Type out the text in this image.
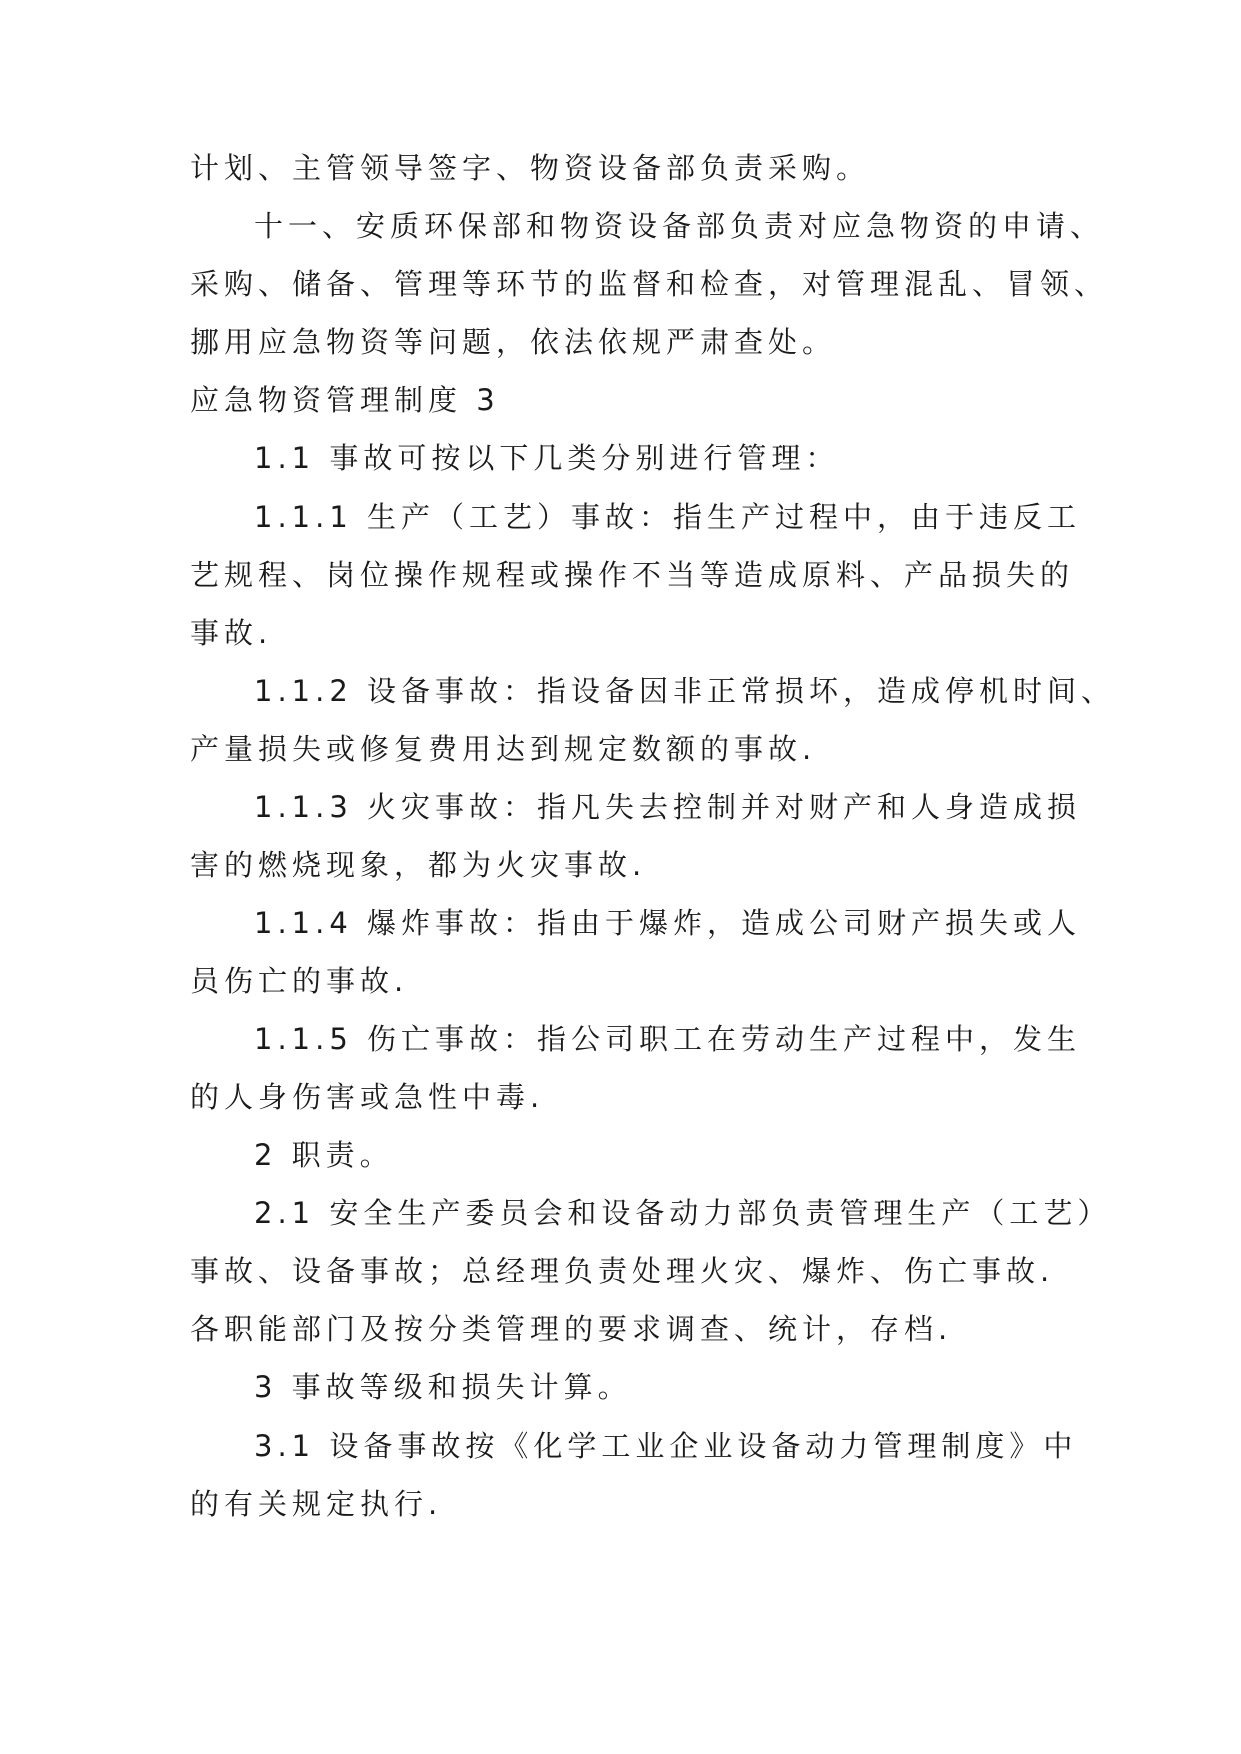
计划、主管领导签字、物资设备部负责采购。
十一、安质环保部和物资设备部负责对应急物资的申请、
采购、储备、管理等环节的监督和检查，对管理混乱、冒领、
挪用应急物资等问题，依法依规严肃查处。
应急物资管理制度 3
1.1 事故可按以下几类分别进行管理：
1.1.1 生产（工艺）事故：指生产过程中，由于违反工
艺规程、岗位操作规程或操作不当等造成原料、产品损失的
事故.
1.1.2 设备事故：指设备因非正常损坏，造成停机时间、
产量损失或修复费用达到规定数额的事故.
1.1.3 火灾事故：指凡失去控制并对财产和人身造成损
害的燃烧现象，都为火灾事故.
1.1.4 爆炸事故：指由于爆炸，造成公司财产损失或人
员伤亡的事故.
1.1.5 伤亡事故：指公司职工在劳动生产过程中，发生
的人身伤害或急性中毒.
2 职责。
2.1 安全生产委员会和设备动力部负责管理生产（工艺）
事故、设备事故；总经理负责处理火灾、爆炸、伤亡事故.
各职能部门及按分类管理的要求调查、统计，存档.
3 事故等级和损失计算。
3.1 设备事故按《化学工业企业设备动力管理制度》中
的有关规定执行.
